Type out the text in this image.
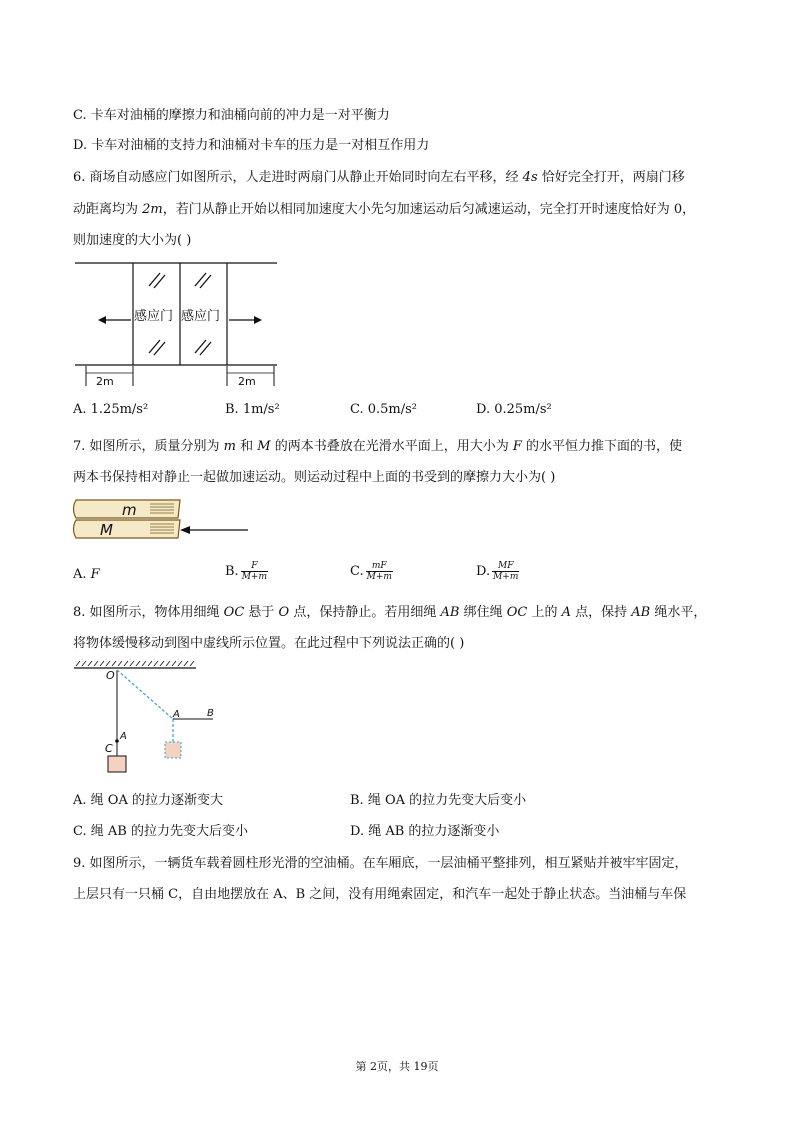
C. 卡车对油桶的摩擦力和油桶向前的冲力是一对平衡力
D. 卡车对油桶的支持力和油桶对卡车的压力是一对相互作用力
6. 商场自动感应门如图所示，人走进时两扇门从静止开始同时向左右平移，经 4s 恰好完全打开，两扇门移
动距离均为 2m，若门从静止开始以相同加速度大小先匀加速运动后匀减速运动，完全打开时速度恰好为 0，
则加速度的大小为( )
感应门 感应门
2m	2m
A. 1.25m/s²	B. 1m/s²	C. 0.5m/s²	D. 0.25m/s²
7. 如图所示，质量分别为 m 和 M 的两本书叠放在光滑水平面上，用大小为 F 的水平恒力推下面的书，使
两本书保持相对静止一起做加速运动。则运动过程中上面的书受到的摩擦力大小为( )
m
M
A. F	B. $\frac{F}{M+m}$	C. $\frac{mF}{M+m}$	D. $\frac{MF}{M+m}$
8. 如图所示，物体用细绳 OC 悬于 O 点，保持静止。若用细绳 AB 绑住绳 OC 上的 A 点，保持 AB 绳水平，
将物体缓慢移动到图中虚线所示位置。在此过程中下列说法正确的( )
O
A
C
A	B
A. 绳 OA 的拉力逐渐变大	B. 绳 OA 的拉力先变大后变小
C. 绳 AB 的拉力先变大后变小	D. 绳 AB 的拉力逐渐变小
9. 如图所示，一辆货车载着圆柱形光滑的空油桶。在车厢底，一层油桶平整排列，相互紧贴并被牢牢固定，
上层只有一只桶 C，自由地摆放在 A、B 之间，没有用绳索固定，和汽车一起处于静止状态。当油桶与车保
第 2页，共 19页
